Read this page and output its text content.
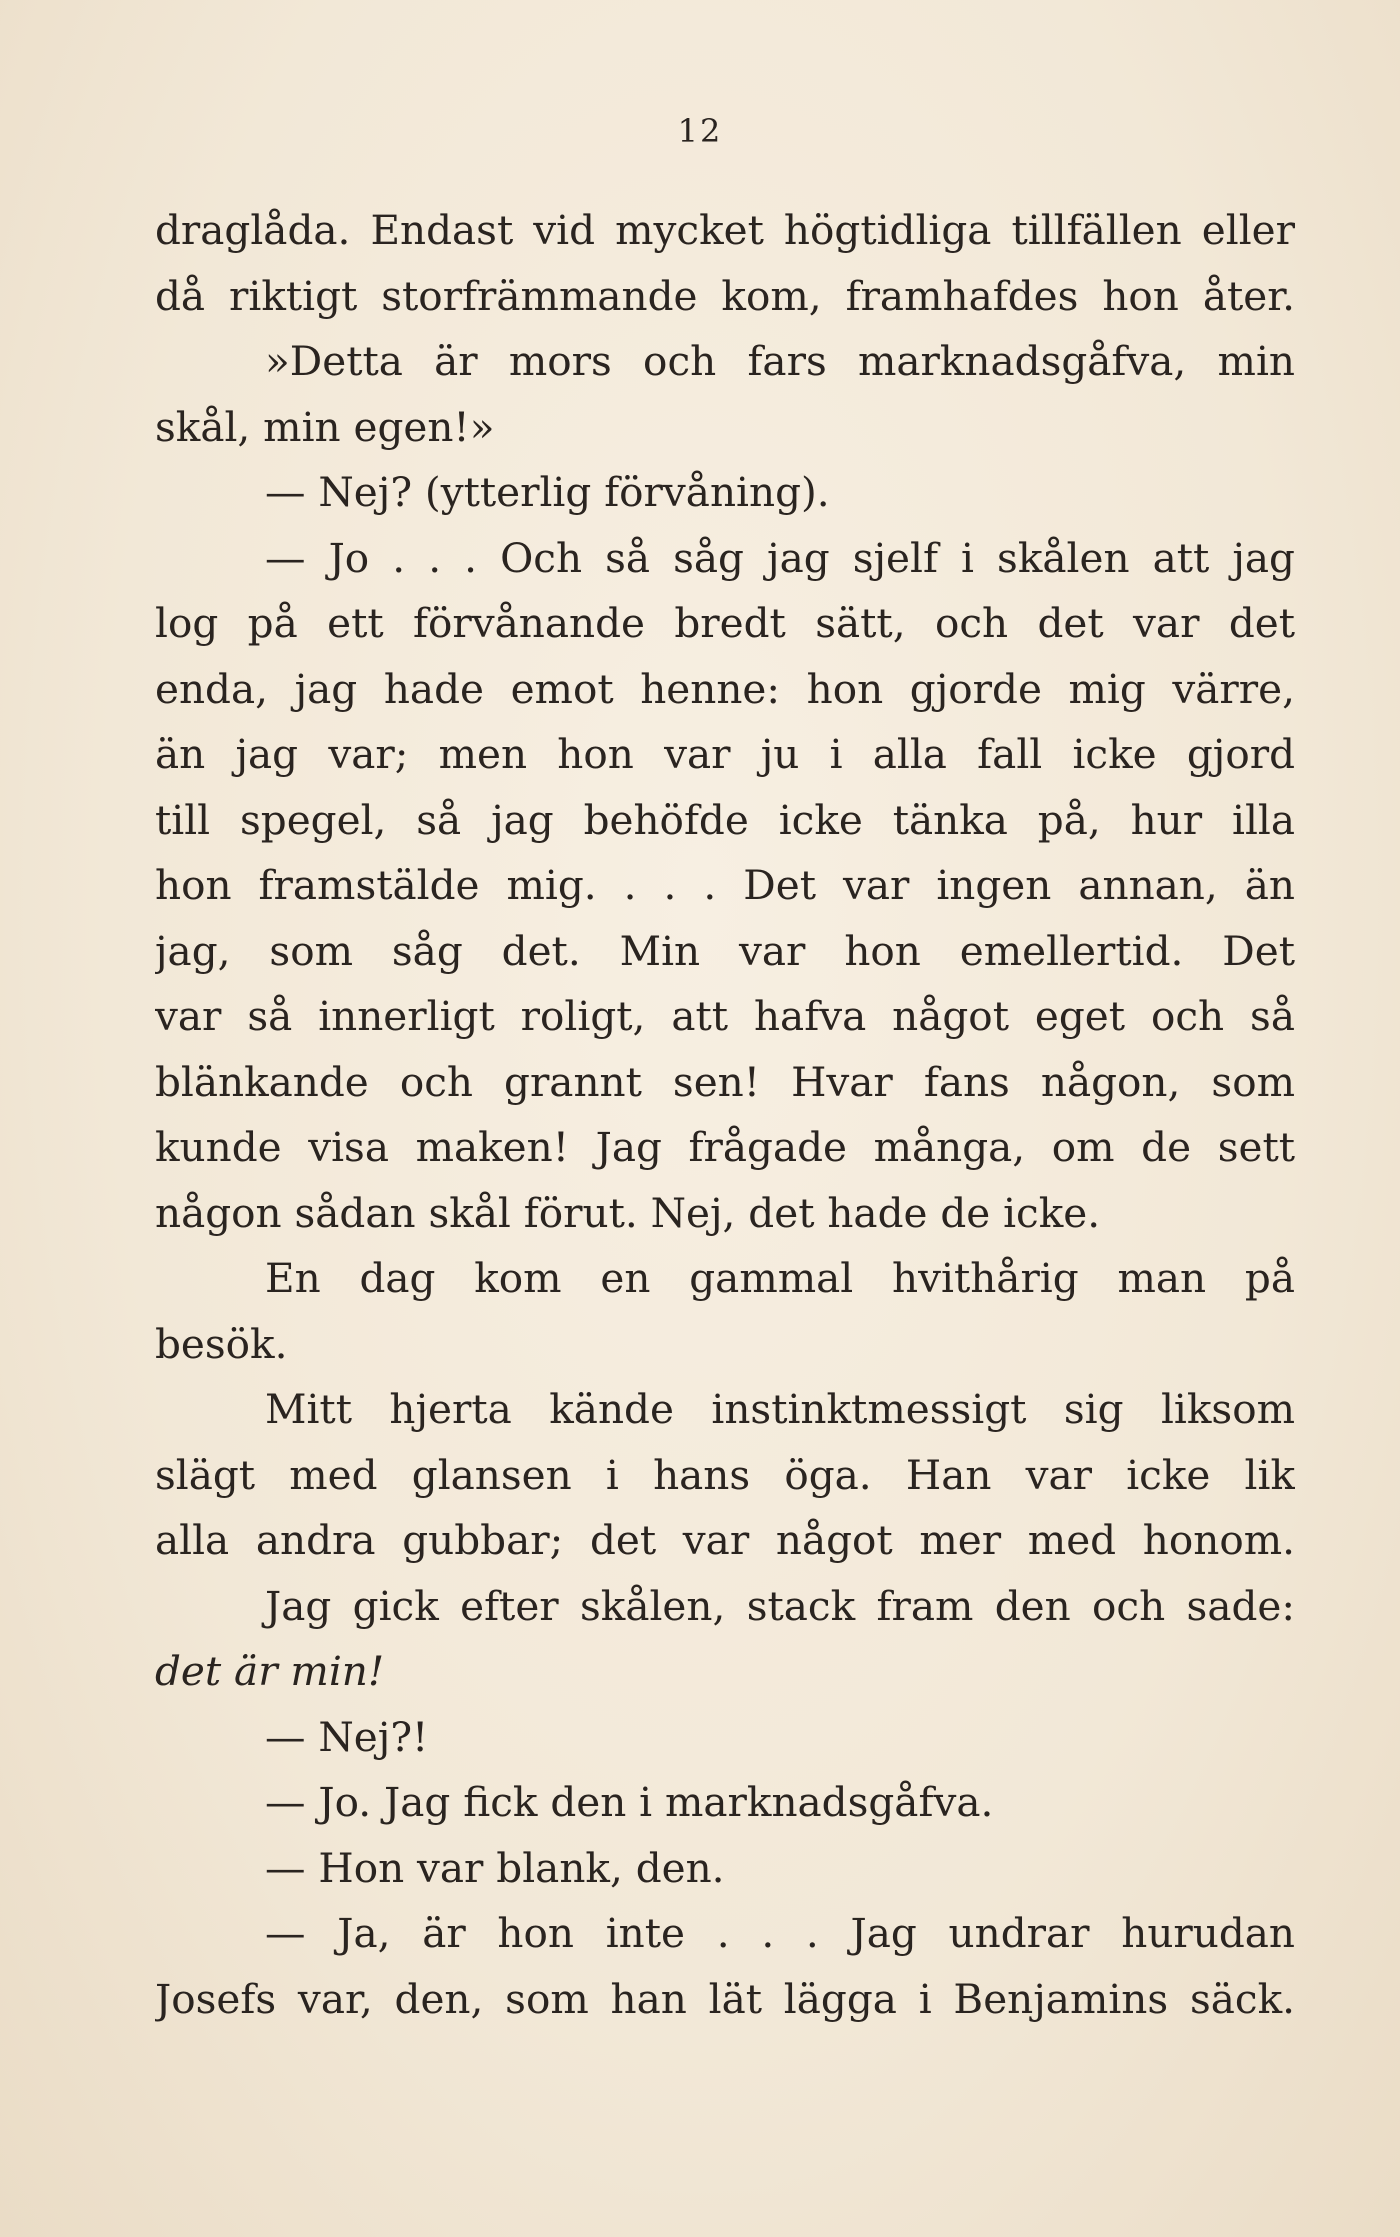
12
draglåda. Endast vid mycket högtidliga tillfällen eller
då riktigt storfrämmande kom, framhafdes hon åter.
»Detta är mors och fars marknadsgåfva, min
skål, min egen!»
— Nej? (ytterlig förvåning).
— Jo . . . Och så såg jag sjelf i skålen att jag
log på ett förvånande bredt sätt, och det var det
enda, jag hade emot henne: hon gjorde mig värre,
än jag var; men hon var ju i alla fall icke gjord
till spegel, så jag behöfde icke tänka på, hur illa
hon framstälde mig. . . . Det var ingen annan, än
jag, som såg det. Min var hon emellertid. Det
var så innerligt roligt, att hafva något eget och så
blänkande och grannt sen! Hvar fans någon, som
kunde visa maken! Jag frågade många, om de sett
någon sådan skål förut. Nej, det hade de icke.
En dag kom en gammal hvithårig man på
besök.
Mitt hjerta kände instinktmessigt sig liksom
slägt med glansen i hans öga. Han var icke lik
alla andra gubbar; det var något mer med honom.
Jag gick efter skålen, stack fram den och sade:
det är min!
— Nej?!
— Jo. Jag fick den i marknadsgåfva.
— Hon var blank, den.
— Ja, är hon inte . . . Jag undrar hurudan
Josefs var, den, som han lät lägga i Benjamins säck.
